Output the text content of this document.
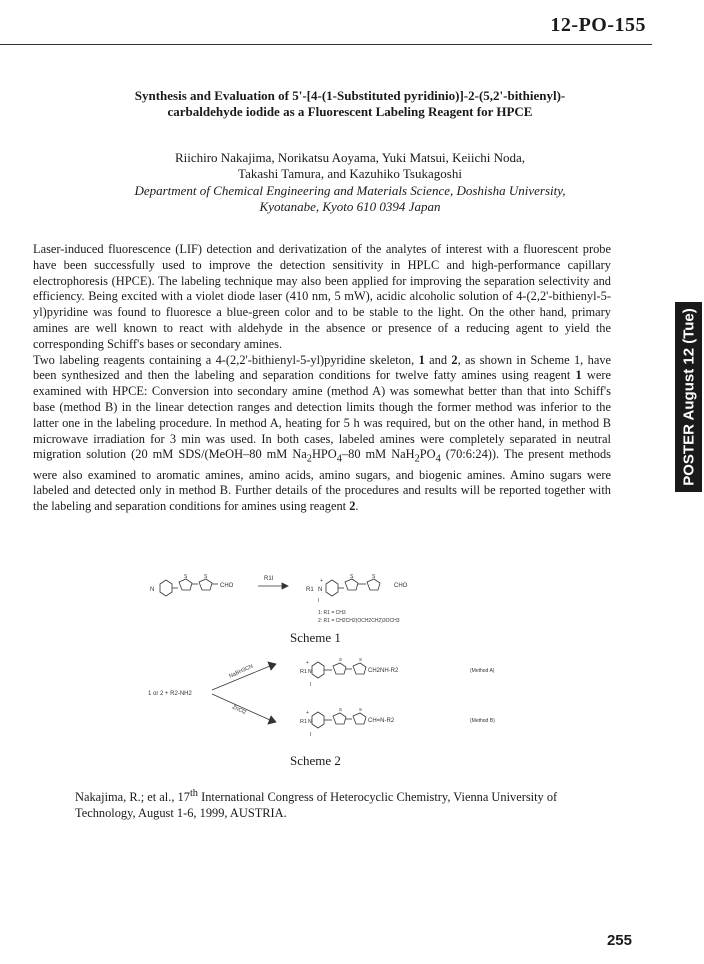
12-PO-155
Synthesis and Evaluation of 5'-[4-(1-Substituted pyridinio)]-2-(5,2'-bithienyl)-
carbaldehyde iodide as a Fluorescent Labeling Reagent for HPCE
Riichiro Nakajima, Norikatsu Aoyama, Yuki Matsui, Keiichi Noda,
Takashi Tamura, and Kazuhiko Tsukagoshi
Department of Chemical Engineering and Materials Science, Doshisha University,
Kyotanabe, Kyoto 610 0394 Japan
POSTER August 12 (Tue)

Laser-induced fluorescence (LIF) detection and derivatization of the analytes of interest with a fluorescent probe have been successfully used to improve the detection sensitivity in HPLC and high-performance capillary electrophoresis (HPCE). The labeling technique may also been applied for improving the separation selectivity and efficiency. Being excited with a violet diode laser (410 nm, 5 mW), acidic alcoholic solution of 4-(2,2'-bithienyl-5-yl)pyridine was found to fluoresce a blue-green color and to be stable to the light. On the other hand, primary amines are well known to react with aldehyde in the absence or presence of a reducing agent to yield the corresponding Schiff's bases or secondary amines.

Two labeling reagents containing a 4-(2,2'-bithienyl-5-yl)pyridine skeleton, 1 and 2, as shown in Scheme 1, have been synthesized and then the labeling and separation conditions for twelve fatty amines using reagent 1 were examined with HPCE: Conversion into secondary amine (method A) was somewhat better than that into Schiff's base (method B) in the linear detection ranges and detection limits though the former method was inferior to the latter one in the labeling procedure. In method A, heating for 5 h was required, but on the other hand, in method B microwave irradiation for 3 min was used. In both cases, labeled amines were completely separated in neutral migration solution (20 mM SDS/(MeOH–80 mM $Na_2HPO_4-80$ mM $NaH_2PO_4$ (70:6:24)). The present methods were also examined to aromatic amines, amino acids, amino sugars, and biogenic amines. Amino sugars were labeled and detected only in method B. Further details of the procedures and results will be reported together with the labeling and separation conditions for amines using reagent 2.

N
S	S
CHO
R1I
R1 N
+
I
S	S
CHO
1: R1 = CH3
2: R1 = CH2CH2(OCH2CH2)3OCH3
Scheme 1
1 or 2 + R2-NH2
NaBH3CN
ZnCl2
R1 N
+
I
S	S
CH2NH-R2	(Method A)
R1 N
+
I
S	S
CH=N-R2	(Method B)
Scheme 2
Nakajima, R.; et al., 17th International Congress of Heterocyclic Chemistry, Vienna University of Technology, August 1-6, 1999, AUSTRIA.
255
